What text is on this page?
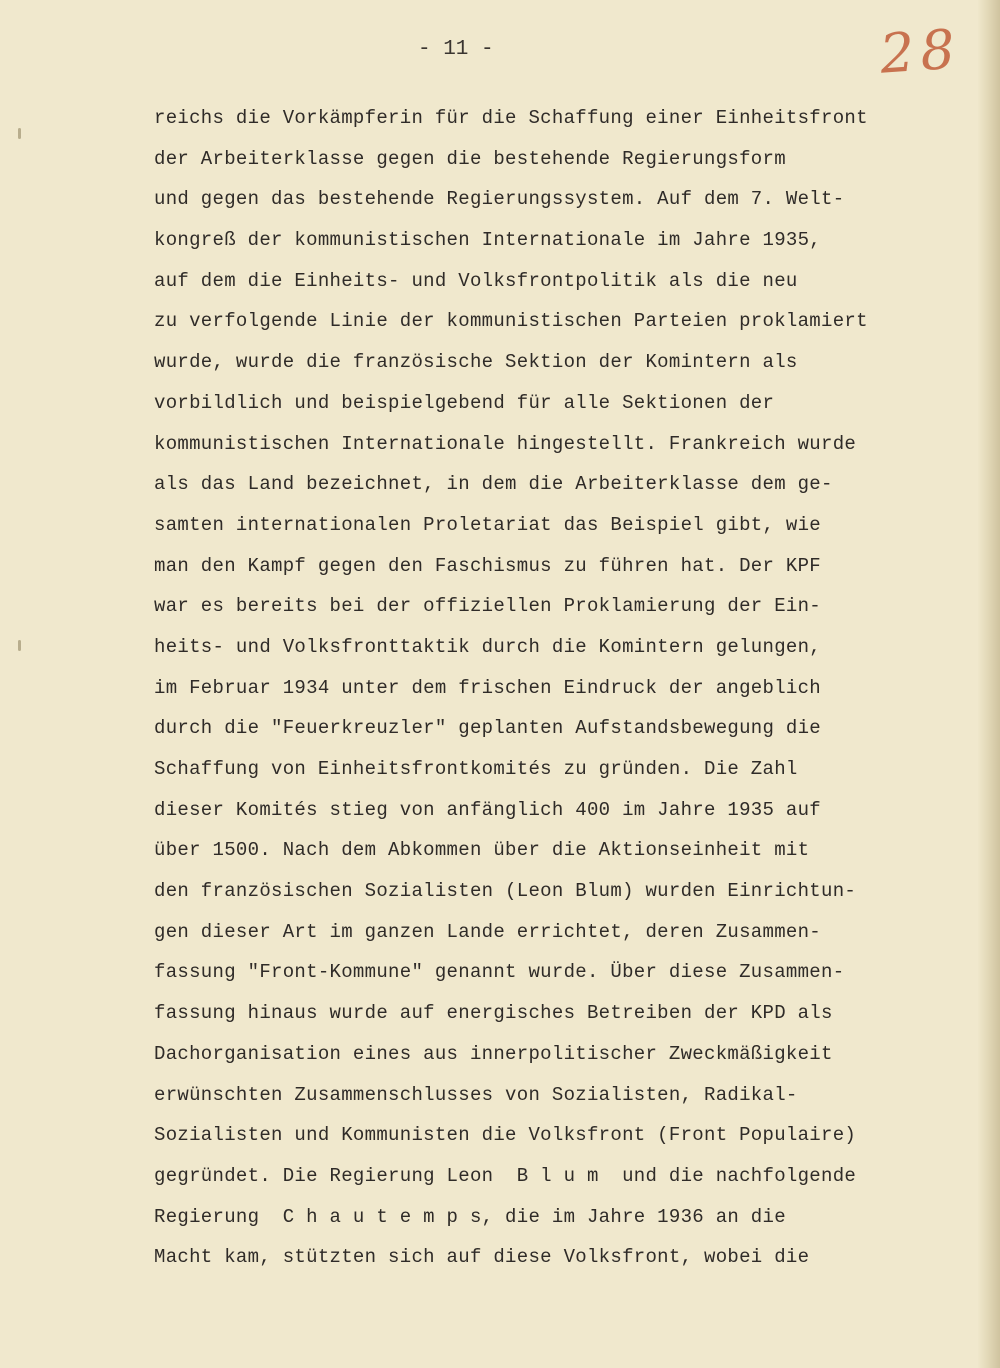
- 11 -	28
reichs die Vorkämpferin für die Schaffung einer Einheitsfront
der Arbeiterklasse gegen die bestehende Regierungsform
und gegen das bestehende Regierungssystem. Auf dem 7. Welt-
kongreß der kommunistischen Internationale im Jahre 1935,
auf dem die Einheits- und Volksfrontpolitik als die neu
zu verfolgende Linie der kommunistischen Parteien proklamiert
wurde, wurde die französische Sektion der Komintern als
vorbildlich und beispielgebend für alle Sektionen der
kommunistischen Internationale hingestellt. Frankreich wurde
als das Land bezeichnet, in dem die Arbeiterklasse dem ge-
samten internationalen Proletariat das Beispiel gibt, wie
man den Kampf gegen den Faschismus zu führen hat. Der KPF
war es bereits bei der offiziellen Proklamierung der Ein-
heits- und Volksfronttaktik durch die Komintern gelungen,
im Februar 1934 unter dem frischen Eindruck der angeblich
durch die "Feuerkreuzler" geplanten Aufstandsbewegung die
Schaffung von Einheitsfrontkomités zu gründen. Die Zahl
dieser Komités stieg von anfänglich 400 im Jahre 1935 auf
über 1500. Nach dem Abkommen über die Aktionseinheit mit
den französischen Sozialisten (Leon Blum) wurden Einrichtun-
gen dieser Art im ganzen Lande errichtet, deren Zusammen-
fassung "Front-Kommune" genannt wurde. Über diese Zusammen-
fassung hinaus wurde auf energisches Betreiben der KPD als
Dachorganisation eines aus innerpolitischer Zweckmäßigkeit
erwünschten Zusammenschlusses von Sozialisten, Radikal-
Sozialisten und Kommunisten die Volksfront (Front Populaire)
gegründet. Die Regierung Leon  B l u m  und die nachfolgende
Regierung  C h a u t e m p s, die im Jahre 1936 an die
Macht kam, stützten sich auf diese Volksfront, wobei die
